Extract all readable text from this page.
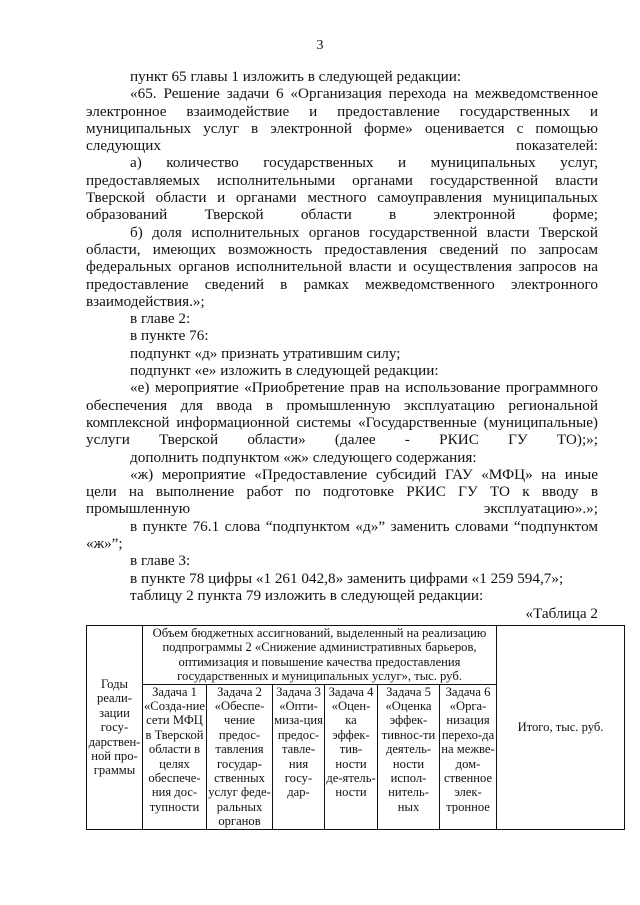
3

пункт 65 главы 1 изложить в следующей редакции:

«65. Решение задачи 6 «Организация перехода на межведомственное электронное взаимодействие и предоставление государственных и муниципальных услуг в электронной форме» оценивается с помощью следующих показателей:

а) количество государственных и муниципальных услуг, предоставляемых исполнительными органами государственной власти Тверской области и органами местного самоуправления муниципальных образований Тверской области в электронной форме;

б) доля исполнительных органов государственной власти Тверской области, имеющих возможность предоставления сведений по запросам федеральных органов исполнительной власти и осуществления запросов на предоставление сведений в рамках межведомственного электронного взаимодействия.»;

в главе 2:

в пункте 76:

подпункт «д» признать утратившим силу;

подпункт «е» изложить в следующей редакции:

«е) мероприятие «Приобретение прав на использование программного обеспечения для ввода в промышленную эксплуатацию региональной комплексной информационной системы «Государственные (муниципальные) услуги Тверской области» (далее - РКИС ГУ ТО);»;

дополнить подпунктом «ж» следующего содержания:

«ж) мероприятие «Предоставление субсидий ГАУ «МФЦ» на иные цели на выполнение работ по подготовке РКИС ГУ ТО к вводу в промышленную эксплуатацию».»;

в пункте 76.1 слова “подпунктом «д»” заменить словами “подпунктом «ж»”;

в главе 3:

в пункте 78 цифры «1 261 042,8» заменить цифрами «1 259 594,7»;

таблицу 2 пункта 79 изложить в следующей редакции:

«Таблица 2
Годы реали-зации госу-дарствен-ной про-граммы	Объем бюджетных ассигнований, выделенный на реализацию подпрограммы 2 «Снижение административных барьеров, оптимизация и повышение качества предоставления государственных и муниципальных услуг», тыс. руб.						Итого, тыс. руб.
	Задача 1 «Созда-ние сети МФЦ в Тверской области в целях обеспече-ния дос-тупности	Задача 2 «Обеспе-чение предос-тавления государ-ственных услуг феде-ральных органов	Задача 3 «Опти-миза-ция предос-тавле-ния госу-дар-	Задача 4 «Оцен-ка эффек-тив-ности де-ятель-ности	Задача 5 «Оценка эффек-тивнос-ти деятель-ности испол-нитель-ных	Задача 6 «Орга-низация перехо-да на межве-дом-ственное элек-тронное	
